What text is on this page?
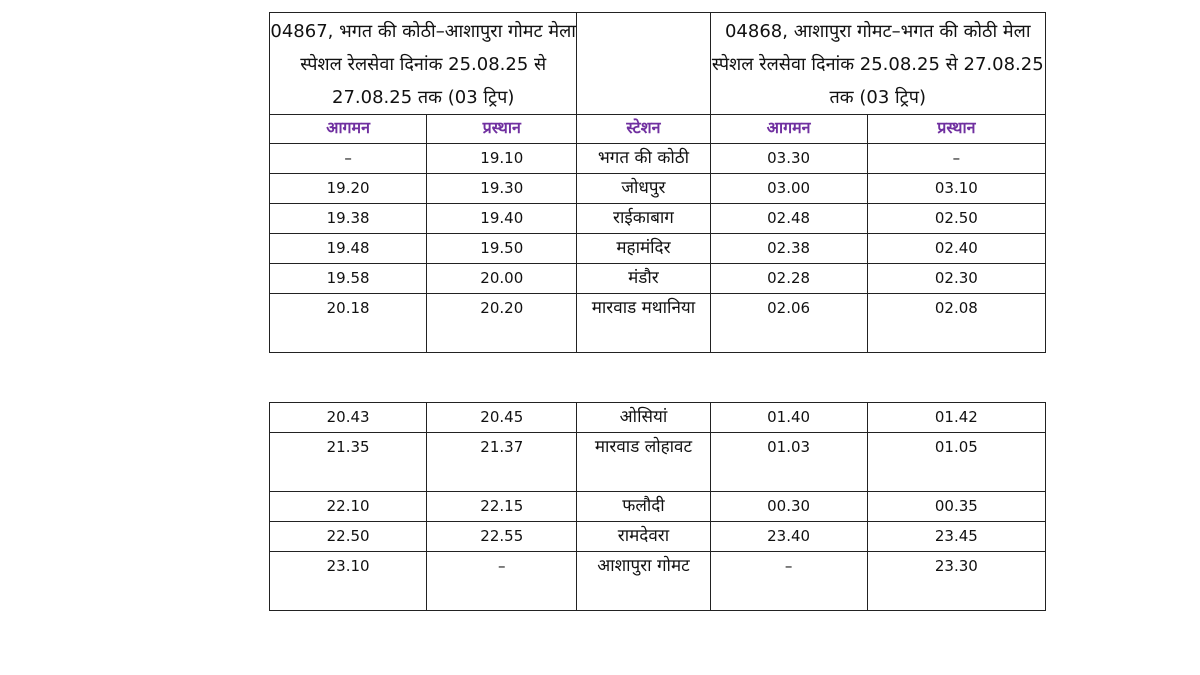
04867, भगत की कोठी–आशापुरा गोमट मेला स्पेशल रेलसेवा दिनांक 25.08.25 से 27.08.25 तक (03 ट्रिप)			04868, आशापुरा गोमट–भगत की कोठी मेला स्पेशल रेलसेवा दिनांक 25.08.25 से 27.08.25 तक (03 ट्रिप)	
आगमन	प्रस्थान	स्टेशन	आगमन	प्रस्थान
–	19.10	भगत की कोठी	03.30	–
19.20	19.30	जोधपुर	03.00	03.10
19.38	19.40	राईकाबाग	02.48	02.50
19.48	19.50	महामंदिर	02.38	02.40
19.58	20.00	मंडौर	02.28	02.30
20.18	20.20	मारवाड मथानिया	02.06	02.08
20.43	20.45	ओसियां	01.40	01.42
21.35	21.37	मारवाड लोहावट	01.03	01.05
22.10	22.15	फलौदी	00.30	00.35
22.50	22.55	रामदेवरा	23.40	23.45
23.10	–	आशापुरा गोमट	–	23.30
